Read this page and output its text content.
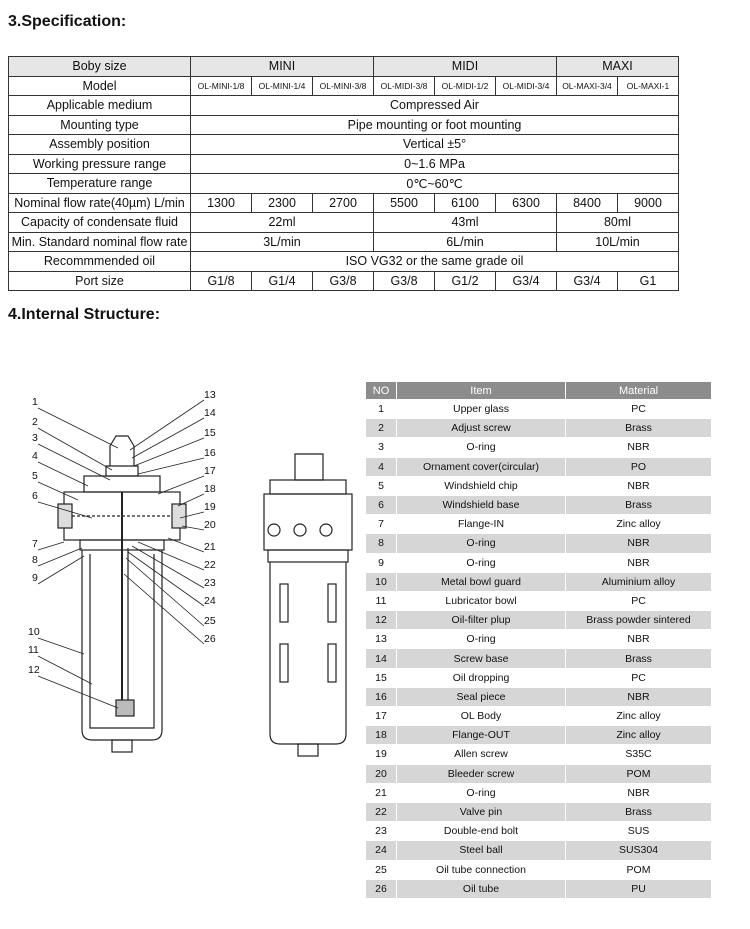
3.Specification:
Boby size	MINI			MIDI			MAXI	
Model	OL-MINI-1/8	OL-MINI-1/4	OL-MINI-3/8	OL-MIDI-3/8	OL-MIDI-1/2	OL-MIDI-3/4	OL-MAXI-3/4	OL-MAXI-1
Applicable medium	Compressed Air							
Mounting type	Pipe mounting or foot mounting							
Assembly position	Vertical ±5°							
Working pressure range	0~1.6 MPa							
Temperature range	0℃~60℃							
Nominal flow rate(40µm) L/min	1300	2300	2700	5500	6100	6300	8400	9000
Capacity of condensate fluid	22ml			43ml			80ml	
Min. Standard nominal flow rate	3L/min			6L/min			10L/min	
Recommmended oil	ISO VG32 or the same grade oil							
Port size	G1/8	G1/4	G3/8	G3/8	G1/2	G3/4	G3/4	G1
4.Internal Structure:
1
2
3
4
5
6
7
8
9
10
11
12
13
14
15
16
17
18
19
20
21
22
23
24
25
26
NO	Item	Material
1	Upper glass	PC
2	Adjust screw	Brass
3	O-ring	NBR
4	Ornament cover(circular)	PO
5	Windshield chip	NBR
6	Windshield base	Brass
7	Flange-IN	Zinc alloy
8	O-ring	NBR
9	O-ring	NBR
10	Metal bowl guard	Aluminium alloy
11	Lubricator bowl	PC
12	Oil-filter plup	Brass powder sintered
13	O-ring	NBR
14	Screw base	Brass
15	Oil dropping	PC
16	Seal piece	NBR
17	OL Body	Zinc alloy
18	Flange-OUT	Zinc alloy
19	Allen screw	S35C
20	Bleeder screw	POM
21	O-ring	NBR
22	Valve pin	Brass
23	Double-end bolt	SUS
24	Steel ball	SUS304
25	Oil tube connection	POM
26	Oil tube	PU
